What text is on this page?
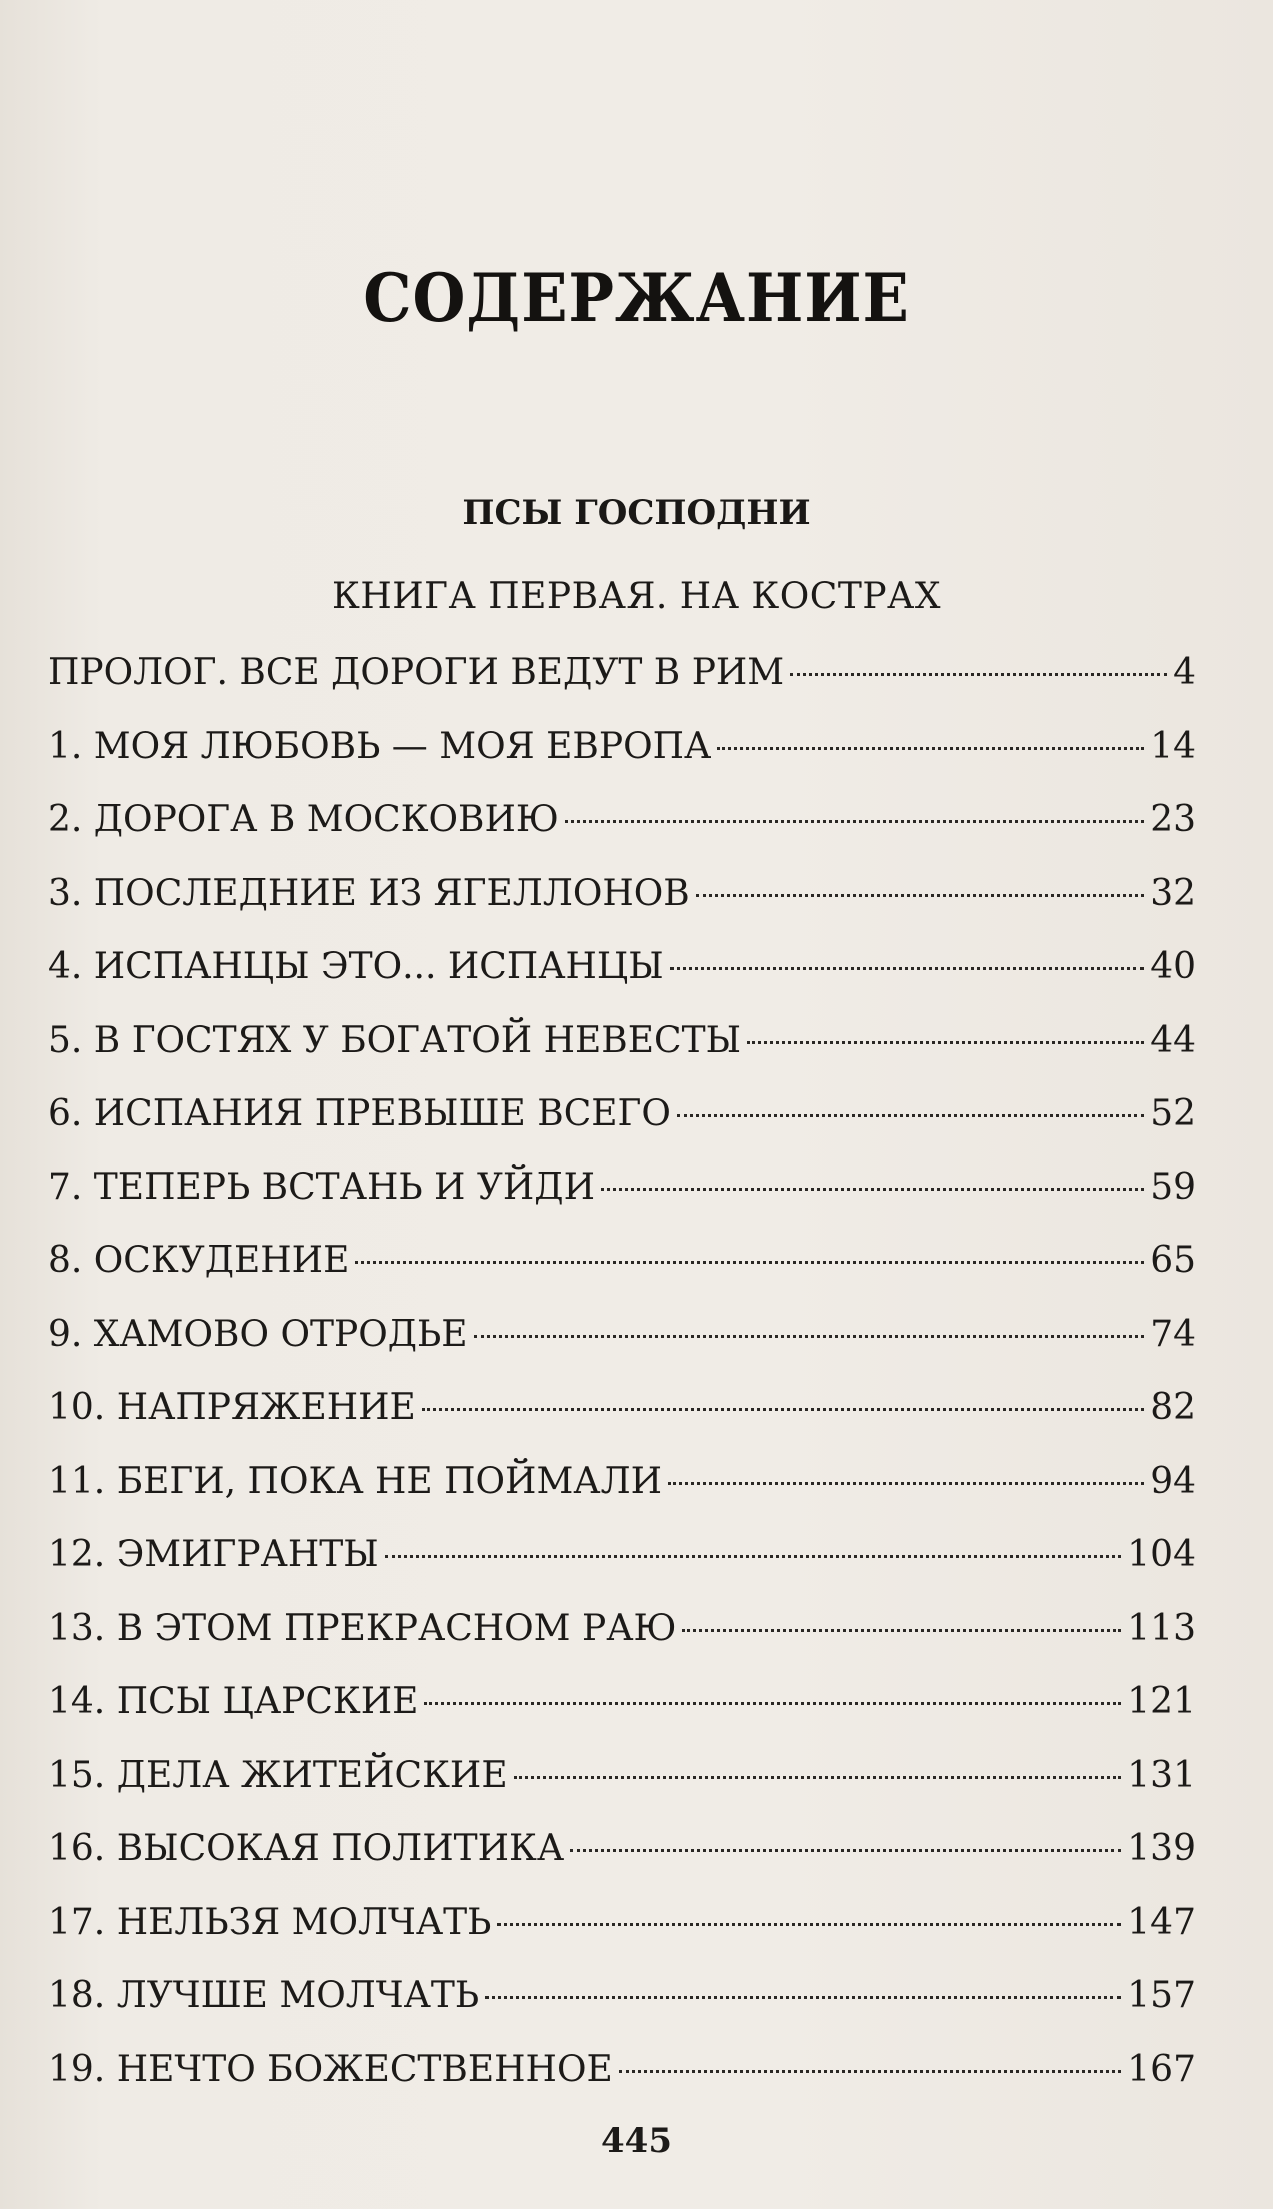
СОДЕРЖАНИЕ
ПСЫ ГОСПОДНИ
КНИГА ПЕРВАЯ. НА КОСТРАХ
ПРОЛОГ. ВСЕ ДОРОГИ ВЕДУТ В РИМ	4
1. МОЯ ЛЮБОВЬ — МОЯ ЕВРОПА	14
2. ДОРОГА В МОСКОВИЮ	23
3. ПОСЛЕДНИЕ ИЗ ЯГЕЛЛОНОВ	32
4. ИСПАНЦЫ ЭТО... ИСПАНЦЫ	40
5. В ГОСТЯХ У БОГАТОЙ НЕВЕСТЫ	44
6. ИСПАНИЯ ПРЕВЫШЕ ВСЕГО	52
7. ТЕПЕРЬ ВСТАНЬ И УЙДИ	59
8. ОСКУДЕНИЕ	65
9. ХАМОВО ОТРОДЬЕ	74
10. НАПРЯЖЕНИЕ	82
11. БЕГИ, ПОКА НЕ ПОЙМАЛИ	94
12. ЭМИГРАНТЫ	104
13. В ЭТОМ ПРЕКРАСНОМ РАЮ	113
14. ПСЫ ЦАРСКИЕ	121
15. ДЕЛА ЖИТЕЙСКИЕ	131
16. ВЫСОКАЯ ПОЛИТИКА	139
17. НЕЛЬЗЯ МОЛЧАТЬ	147
18. ЛУЧШЕ МОЛЧАТЬ	157
19. НЕЧТО БОЖЕСТВЕННОЕ	167
445
